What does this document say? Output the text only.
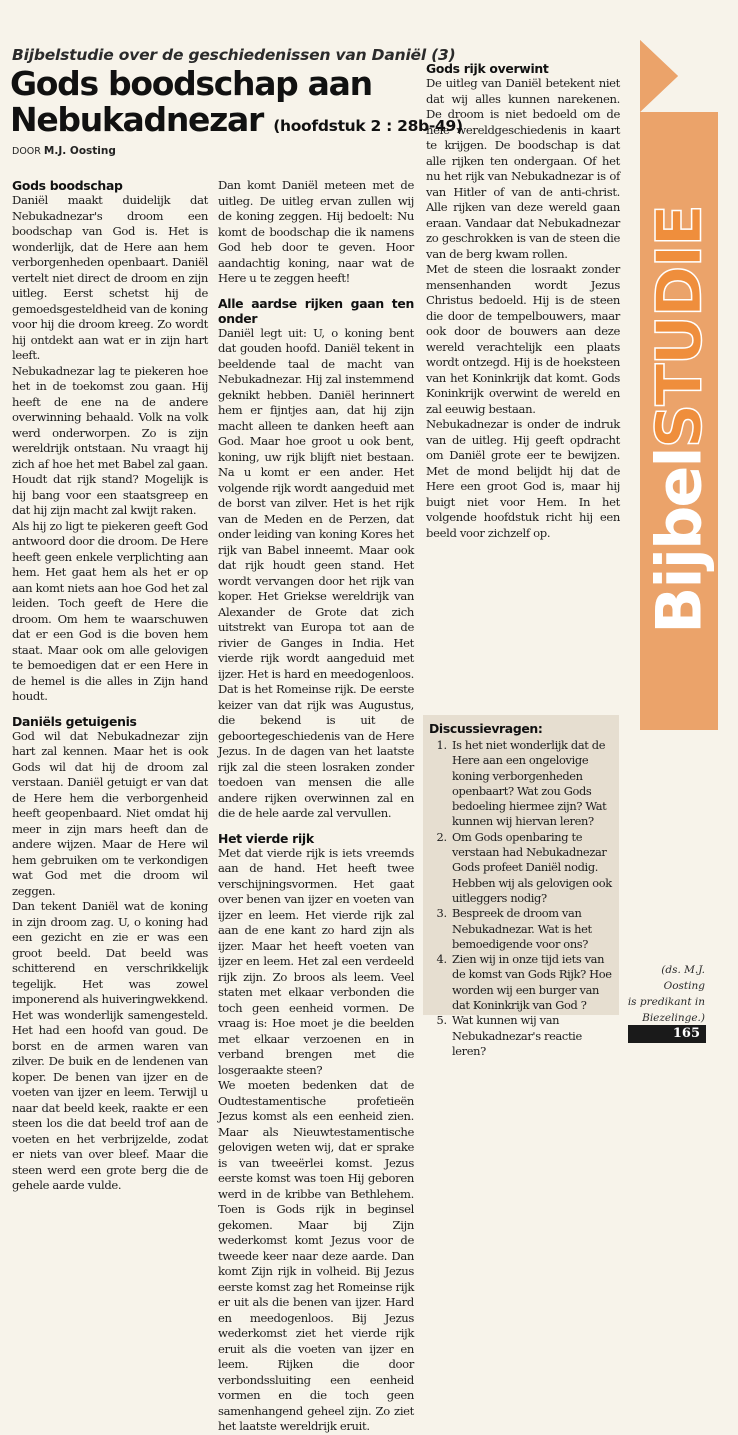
Bijbelstudie over de geschiedenissen van Daniël (3)
Gods boodschap aan
Nebukadnezar (hoofdstuk 2 : 28b-49)
DOOR M.J. Oosting
Gods boodschap

Daniël maakt duidelijk dat Nebukadnezar's droom een boodschap van God is. Het is wonderlijk, dat de Here aan hem verborgenheden openbaart. Daniël vertelt niet direct de droom en zijn uitleg. Eerst schetst hij de gemoedsgesteldheid van de koning voor hij die droom kreeg. Zo wordt hij ontdekt aan wat er in zijn hart leeft.

Nebukadnezar lag te piekeren hoe het in de toekomst zou gaan. Hij heeft de ene na de andere overwinning behaald. Volk na volk werd onderworpen. Zo is zijn wereldrijk ontstaan. Nu vraagt hij zich af hoe het met Babel zal gaan. Houdt dat rijk stand? Mogelijk is hij bang voor een staatsgreep en dat hij zijn macht zal kwijt raken.

Als hij zo ligt te piekeren geeft God antwoord door die droom. De Here heeft geen enkele verplichting aan hem. Het gaat hem als het er op aan komt niets aan hoe God het zal leiden. Toch geeft de Here die droom. Om hem te waarschuwen dat er een God is die boven hem staat. Maar ook om alle gelovigen te bemoedigen dat er een Here in de hemel is die alles in Zijn hand houdt.

Daniëls getuigenis

God wil dat Nebukadnezar zijn hart zal kennen. Maar het is ook Gods wil dat hij de droom zal verstaan. Daniël getuigt er van dat de Here hem die verborgenheid heeft geopenbaard. Niet omdat hij meer in zijn mars heeft dan de andere wijzen. Maar de Here wil hem gebruiken om te verkondigen wat God met die droom wil zeggen.

Dan tekent Daniël wat de koning in zijn droom zag. U, o koning had een gezicht en zie er was een groot beeld. Dat beeld was schitterend en verschrikkelijk tegelijk. Het was zowel imponerend als huiveringwekkend. Het was wonderlijk samengesteld. Het had een hoofd van goud. De borst en de armen waren van zilver. De buik en de lendenen van koper. De benen van ijzer en de voeten van ijzer en leem. Terwijl u naar dat beeld keek, raakte er een steen los die dat beeld trof aan de voeten en het verbrijzelde, zodat er niets van over bleef. Maar die steen werd een grote berg die de gehele aarde vulde.

Dan komt Daniël meteen met de uitleg. De uitleg ervan zullen wij de koning zeggen. Hij bedoelt: Nu komt de boodschap die ik namens God heb door te geven. Hoor aandachtig koning, naar wat de Here u te zeggen heeft!

Alle aardse rijken gaan ten onder

Daniël legt uit: U, o koning bent dat gouden hoofd. Daniël tekent in beeldende taal de macht van Nebukadnezar. Hij zal instemmend geknikt hebben. Daniël herinnert hem er fijntjes aan, dat hij zijn macht alleen te danken heeft aan God. Maar hoe groot u ook bent, koning, uw rijk blijft niet bestaan. Na u komt er een ander. Het volgende rijk wordt aangeduid met de borst van zilver. Het is het rijk van de Meden en de Perzen, dat onder leiding van koning Kores het rijk van Babel inneemt. Maar ook dat rijk houdt geen stand. Het wordt vervangen door het rijk van koper. Het Griekse wereldrijk van Alexander de Grote dat zich uitstrekt van Europa tot aan de rivier de Ganges in India. Het vierde rijk wordt aangeduid met ijzer. Het is hard en meedogenloos. Dat is het Romeinse rijk. De eerste keizer van dat rijk was Augustus, die bekend is uit de geboortegeschiedenis van de Here Jezus. In de dagen van het laatste rijk zal die steen losraken zonder toedoen van mensen die alle andere rijken overwinnen zal en die de hele aarde zal vervullen.

Het vierde rijk

Met dat vierde rijk is iets vreemds aan de hand. Het heeft twee verschijningsvormen. Het gaat over benen van ijzer en voeten van ijzer en leem. Het vierde rijk zal aan de ene kant zo hard zijn als ijzer. Maar het heeft voeten van ijzer en leem. Het zal een verdeeld rijk zijn. Zo broos als leem. Veel staten met elkaar verbonden die toch geen eenheid vormen. De vraag is: Hoe moet je die beelden met elkaar verzoenen en in verband brengen met die losgeraakte steen?

We moeten bedenken dat de Oudtestamentische profetieën Jezus komst als een eenheid zien. Maar als Nieuwtestamentische gelovigen weten wij, dat er sprake is van tweeërlei komst. Jezus eerste komst was toen Hij geboren werd in de kribbe van Bethlehem. Toen is Gods rijk in beginsel gekomen. Maar bij Zijn wederkomst komt Jezus voor de tweede keer naar deze aarde. Dan komt Zijn rijk in volheid. Bij Jezus eerste komst zag het Romeinse rijk er uit als die benen van ijzer. Hard en meedogenloos. Bij Jezus wederkomst ziet het vierde rijk eruit als die voeten van ijzer en leem. Rijken die door verbondssluiting een eenheid vormen en die toch geen samenhangend geheel zijn. Zo ziet het laatste wereldrijk eruit.

Gods rijk overwint

De uitleg van Daniël betekent niet dat wij alles kunnen narekenen. De droom is niet bedoeld om de hele wereldgeschiedenis in kaart te krijgen. De boodschap is dat alle rijken ten ondergaan. Of het nu het rijk van Nebukadnezar is of van Hitler of van de anti-christ. Alle rijken van deze wereld gaan eraan. Vandaar dat Nebukadnezar zo geschrokken is van de steen die van de berg kwam rollen.

Met de steen die losraakt zonder mensenhanden wordt Jezus Christus bedoeld. Hij is de steen die door de tempelbouwers, maar ook door de bouwers aan deze wereld verachtelijk een plaats wordt ontzegd. Hij is de hoeksteen van het Koninkrijk dat komt. Gods Koninkrijk overwint de wereld en zal eeuwig bestaan.

Nebukadnezar is onder de indruk van de uitleg. Hij geeft opdracht om Daniël grote eer te bewijzen. Met de mond belijdt hij dat de Here een groot God is, maar hij buigt niet voor Hem. In het volgende hoofdstuk richt hij een beeld voor zichzelf op.

Discussievragen:
1. Is het niet wonderlijk dat de Here aan een ongelovige koning verborgenheden openbaart? Wat zou Gods bedoeling hiermee zijn? Wat kunnen wij hiervan leren?
2. Om Gods openbaring te verstaan had Nebukadnezar Gods profeet Daniël nodig. Hebben wij als gelovigen ook uitleggers nodig?
3. Bespreek de droom van Nebukadnezar. Wat is het bemoedigende voor ons?
4. Zien wij in onze tijd iets van de komst van Gods Rijk? Hoe worden wij een burger van dat Koninkrijk van God ?
5. Wat kunnen wij van Nebukadnezar's reactie leren?
BijbelSTUDIE
(ds. M.J. Oosting
is predikant in
Biezelinge.)
165
